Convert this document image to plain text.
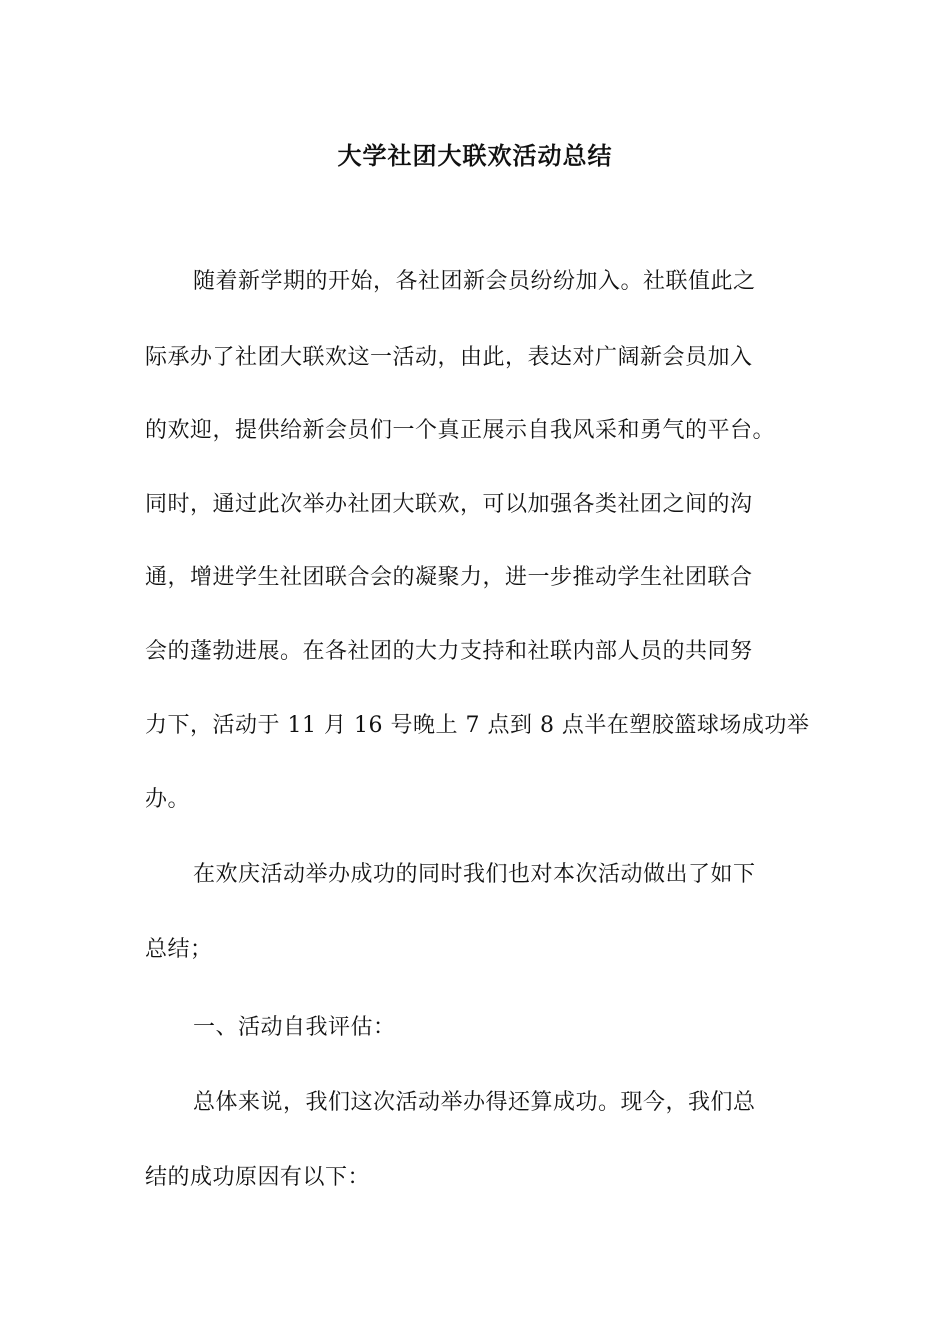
大学社团大联欢活动总结
随着新学期的开始，各社团新会员纷纷加入。社联值此之
际承办了社团大联欢这一活动，由此，表达对广阔新会员加入
的欢迎，提供给新会员们一个真正展示自我风采和勇气的平台。
同时，通过此次举办社团大联欢，可以加强各类社团之间的沟
通，增进学生社团联合会的凝聚力，进一步推动学生社团联合
会的蓬勃进展。在各社团的大力支持和社联内部人员的共同努
力下，活动于 11 月 16 号晚上 7 点到 8 点半在塑胶篮球场成功举
办。
在欢庆活动举办成功的同时我们也对本次活动做出了如下
总结；
一、活动自我评估：
总体来说，我们这次活动举办得还算成功。现今，我们总
结的成功原因有以下：
